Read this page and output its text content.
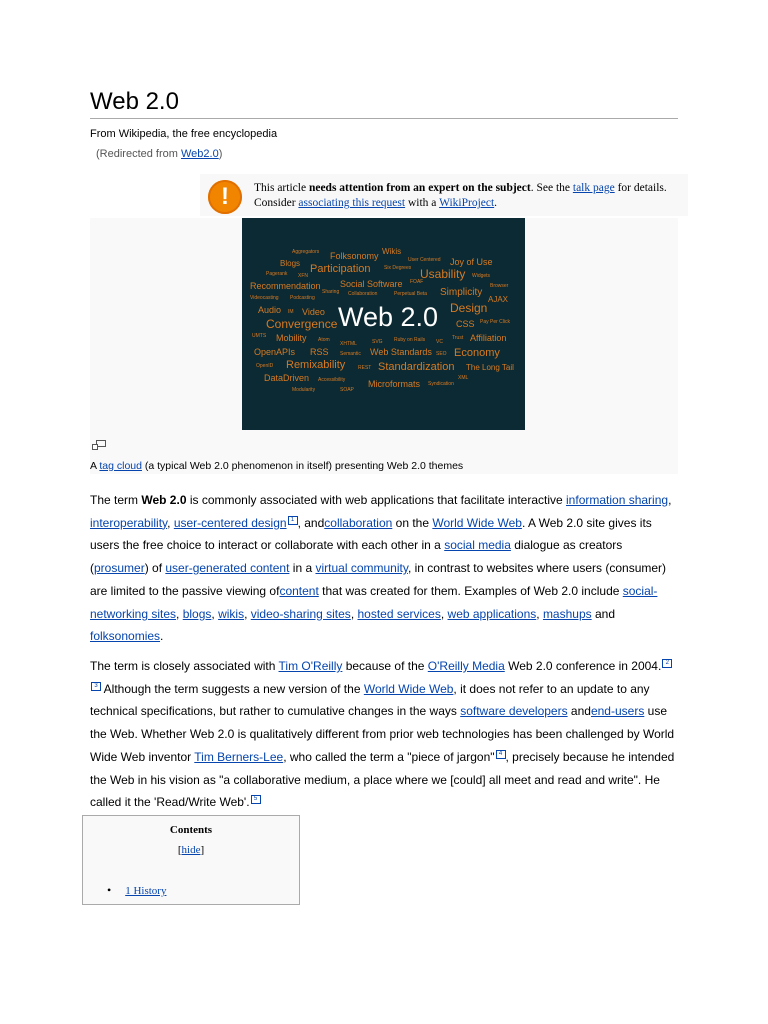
Web 2.0
From Wikipedia, the free encyclopedia
(Redirected from Web2.0)
!	This article needs attention from an expert on the subject. See the talk page for details. Consider associating this request with a WikiProject.
Aggregators Folksonomy Wikis
Blogs	User Centered Joy of Use
Participation	Six Degrees Usability
Pagerank XFN	Widgets
Recommendation Social Software FOAF
Browser
Sharing Collaboration	Perpetual Beta Simplicity
Videocasting Podcasting	AJAX
Design
Audio IM Video Web 2.0 CSS Pay Per Click
Convergence
UMTS Mobility Atom
XHTML	SVG Ruby on Rails VC
Trust Affiliation
OpenAPIs RSS Semantic Web Standards SEO Economy
OpenID Remixability	REST Standardization The Long Tail
DataDriven Accessibility	XML
Microformats Syndication
Modularity	SOAP
A tag cloud (a typical Web 2.0 phenomenon in itself) presenting Web 2.0 themes

The term Web 2.0 is commonly associated with web applications that facilitate interactive information sharing, interoperability, user-centered design $^1$ , andcollaboration on the World Wide Web. A Web 2.0 site gives its users the free choice to interact or collaborate with each other in a social media dialogue as creators (prosumer) of user-generated content in a virtual community, in contrast to websites where users (consumer) are limited to the passive viewing ofcontent that was created for them. Examples of Web 2.0 include social-networking sites, blogs, wikis, video-sharing sites, hosted services, web applications, mashups and folksonomies.

The term is closely associated with Tim O'Reilly because of the O'Reilly Media Web 2.0 conference in 2004. $^2$
$^3$ Although the term suggests a new version of the World Wide Web, it does not refer to an update to any technical specifications, but rather to cumulative changes in the ways software developers andend-users use the Web. Whether Web 2.0 is qualitatively different from prior web technologies has been challenged by World Wide Web inventor Tim Berners-Lee, who called the term a "piece of jargon" $^4$ , precisely because he intended the Web in his vision as "a collaborative medium, a place where we [could] all meet and read and write". He called it the 'Read/Write Web'. $^5$

Contents
[hide]
• 1 History
